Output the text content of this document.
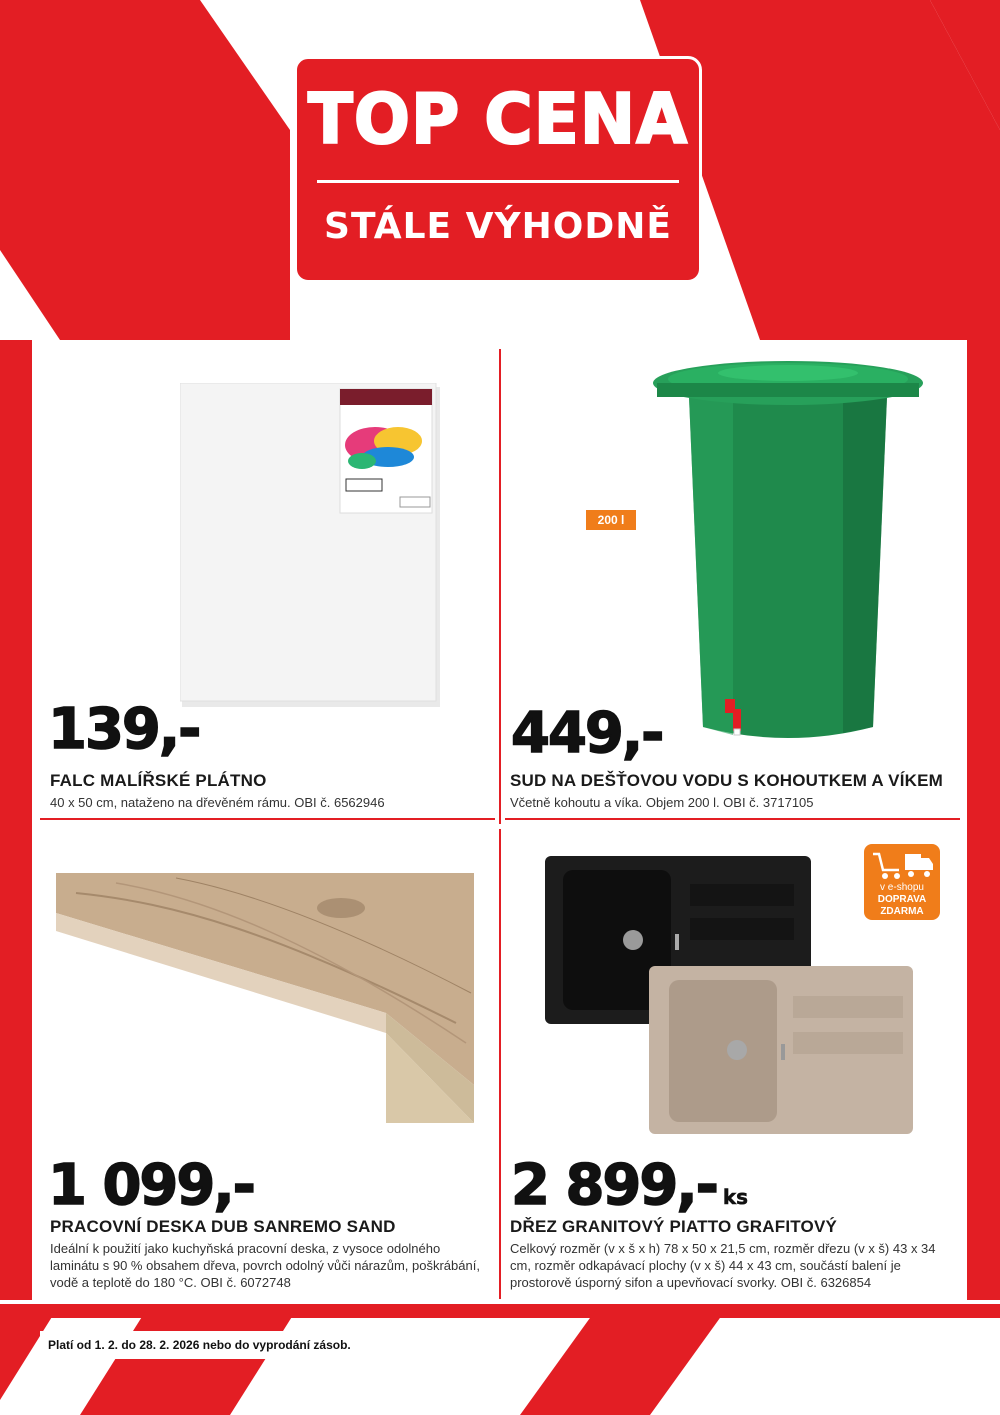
TOP CENA
STÁLE VÝHODNĚ
139,-
FALC MALÍŘSKÉ PLÁTNO
40 x 50 cm, nataženo na dřevěném rámu. OBI č. 6562946
200 l
449,-
SUD NA DEŠŤOVOU VODU S KOHOUTKEM A VÍKEM
Včetně kohoutu a víka. Objem 200 l. OBI č. 3717105
1 099,-
PRACOVNÍ DESKA DUB SANREMO SAND
Ideální k použití jako kuchyňská pracovní deska, z vysoce odolného laminátu s 90 % obsahem dřeva, povrch odolný vůči nárazům, poškrábání, vodě a teplotě do 180 °C. OBI č. 6072748
v e-shopu
DOPRAVA
ZDARMA
2 899,- ks
DŘEZ GRANITOVÝ PIATTO GRAFITOVÝ
Celkový rozměr (v x š x h) 78 x 50 x 21,5 cm, rozměr dřezu (v x š) 43 x 34 cm, rozměr odkapávací plochy (v x š) 44 x 43 cm, součástí balení je prostorově úsporný sifon a upevňovací svorky. OBI č. 6326854
Platí od 1. 2. do 28. 2. 2026 nebo do vyprodání zásob.
